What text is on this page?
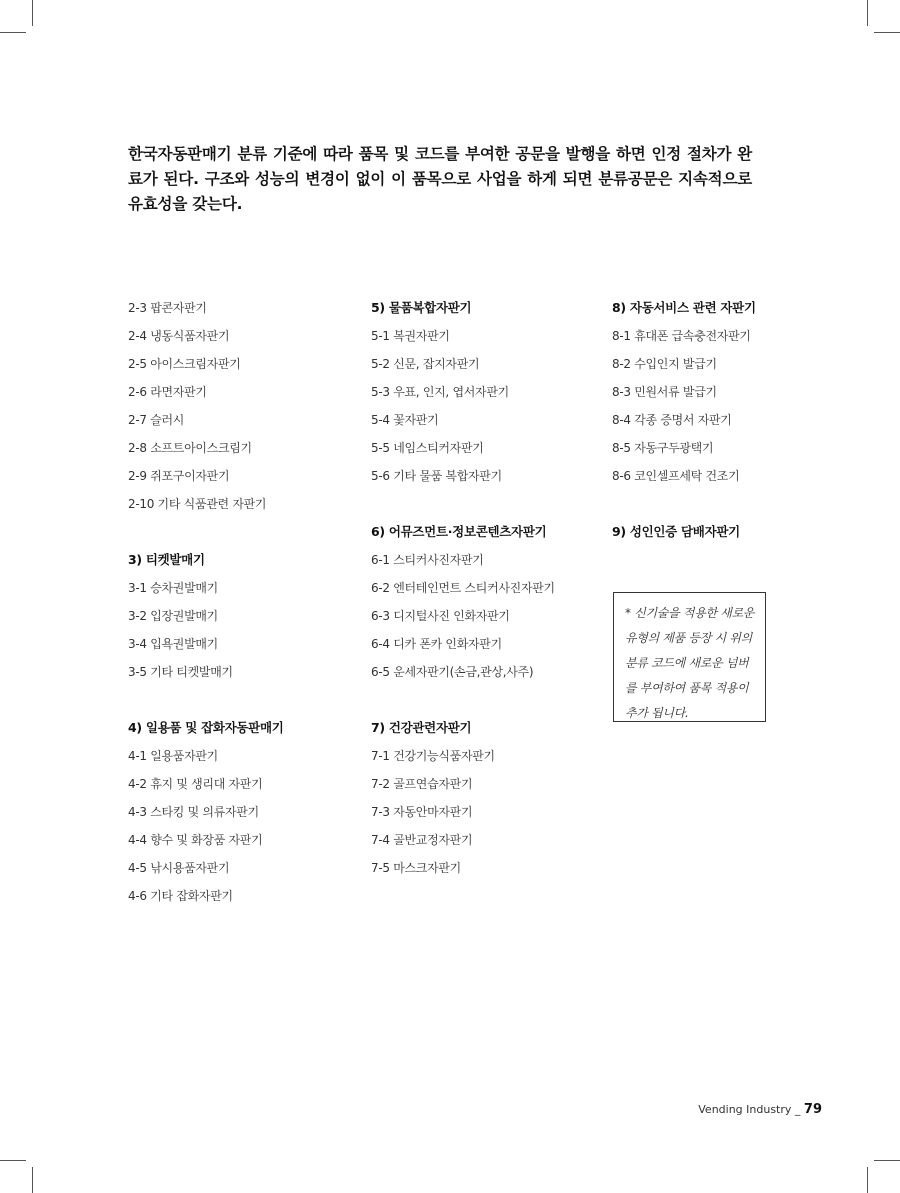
한국자동판매기 분류 기준에 따라 품목 및 코드를 부여한 공문을 발행을 하면 인정 절차가 완료가 된다. 구조와 성능의 변경이 없이 이 품목으로 사업을 하게 되면 분류공문은 지속적으로 유효성을 갖는다.
2-3 팝콘자판기
2-4 냉동식품자판기
2-5 아이스크림자판기
2-6 라면자판기
2-7 슬러시
2-8 소프트아이스크림기
2-9 쥐포구이자판기
2-10 기타 식품관련 자판기
3) 티켓발매기
3-1 승차권발매기
3-2 입장권발매기
3-4 입욕권발매기
3-5 기타 티켓발매기
4) 일용품 및 잡화자동판매기
4-1 일용품자판기
4-2 휴지 및 생리대 자판기
4-3 스타킹 및 의류자판기
4-4 향수 및 화장품 자판기
4-5 낚시용품자판기
4-6 기타 잡화자판기
5) 물품복합자판기
5-1 복권자판기
5-2 신문, 잡지자판기
5-3 우표, 인지, 엽서자판기
5-4 꽃자판기
5-5 네임스티커자판기
5-6 기타 물품 복합자판기
6) 어뮤즈먼트·정보콘텐츠자판기
6-1 스티커사진자판기
6-2 엔터테인먼트 스티커사진자판기
6-3 디지털사진 인화자판기
6-4 디카 폰카 인화자판기
6-5 운세자판기(손금,관상,사주)
7) 건강관련자판기
7-1 건강기능식품자판기
7-2 골프연습자판기
7-3 자동안마자판기
7-4 골반교정자판기
7-5 마스크자판기
8) 자동서비스 관련 자판기
8-1 휴대폰 급속충전자판기
8-2 수입인지 발급기
8-3 민원서류 발급기
8-4 각종 증명서 자판기
8-5 자동구두광택기
8-6 코인셀프세탁 건조기
9) 성인인증 담배자판기
* 신기술을 적용한 새로운 유형의 제품 등장 시 위의 분류 코드에 새로운 넘버를 부여하여 품목 적용이 추가 됩니다.
Vending Industry _ 79
